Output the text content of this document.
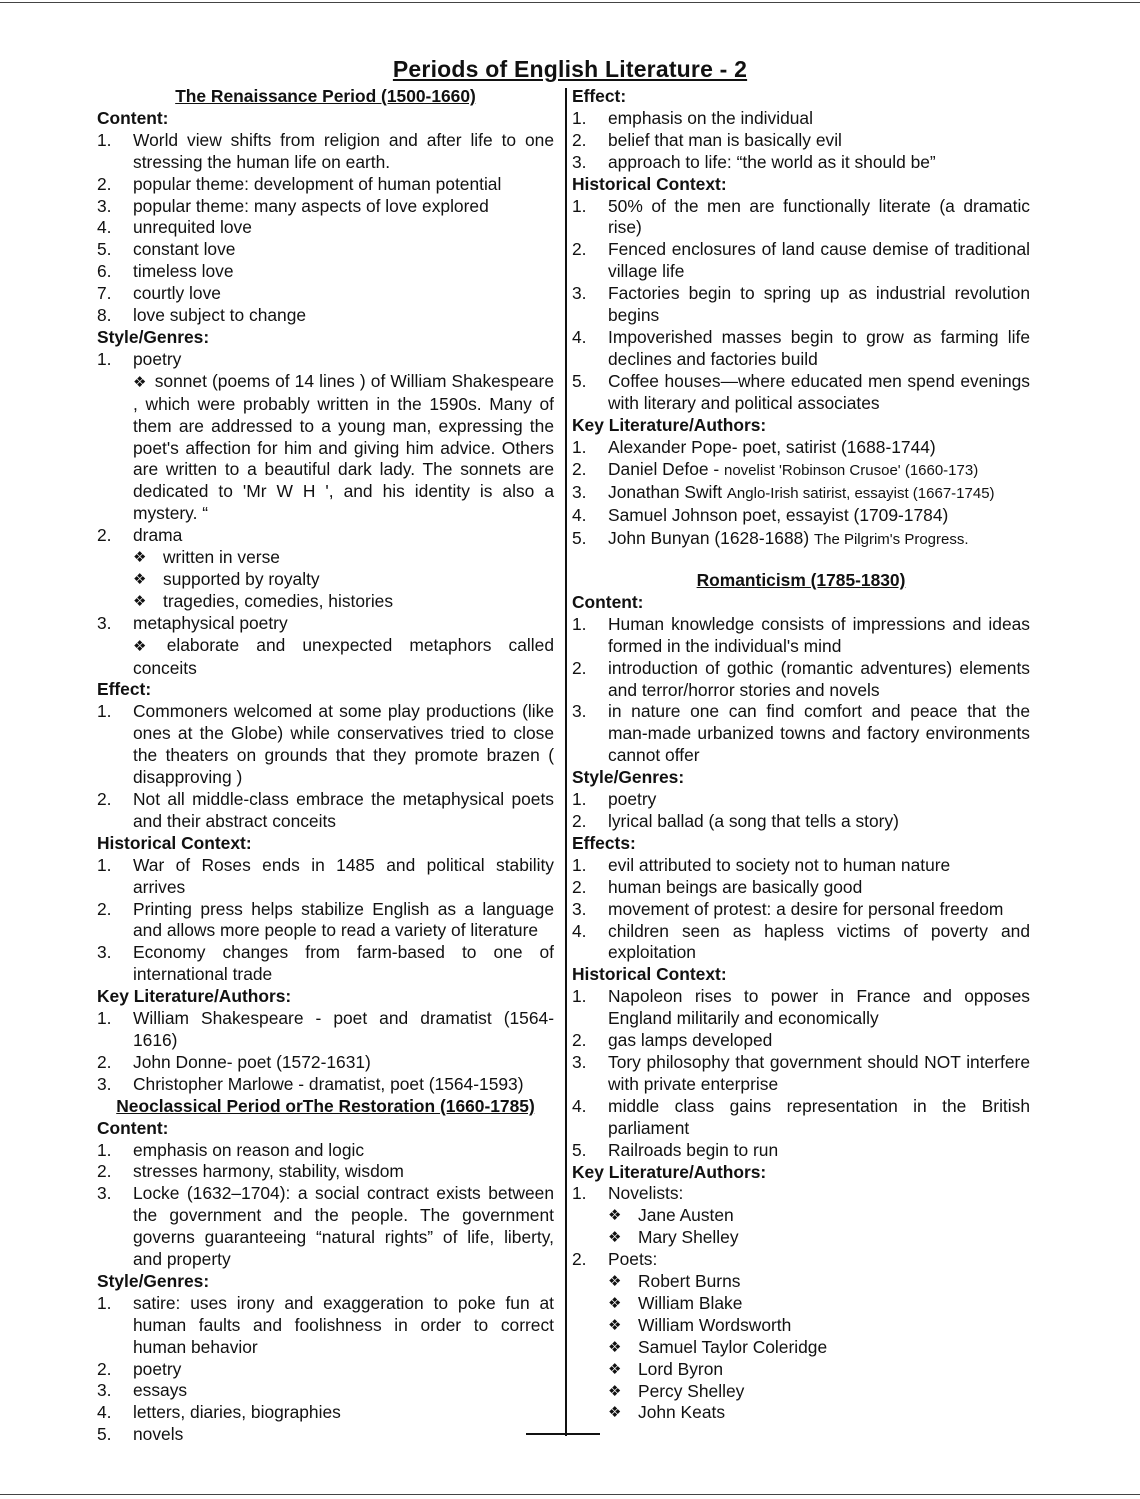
Periods of English Literature - 2
The Renaissance Period (1500-1660)
Content:
1. World view shifts from religion and after life to one stressing the human life on earth.
2. popular theme: development of human potential
3. popular theme: many aspects of love explored
4. unrequited love
5. constant love
6. timeless love
7. courtly love
8. love subject to change
Style/Genres:
1. poetry
❖ sonnet (poems of 14 lines ) of William Shakespeare , which were probably written in the 1590s. Many of them are addressed to a young man, expressing the poet's affection for him and giving him advice. Others are written to a beautiful dark lady. The sonnets are dedicated to 'Mr W H ', and his identity is also a mystery. “
2. drama
❖ written in verse
❖ supported by royalty
❖ tragedies, comedies, histories
3. metaphysical poetry
❖ elaborate and unexpected metaphors called conceits
Effect:
1. Commoners welcomed at some play productions (like ones at the Globe) while conservatives tried to close the theaters on grounds that they promote brazen ( disapproving )
2. Not all middle-class embrace the metaphysical poets and their abstract conceits
Historical Context:
1. War of Roses ends in 1485 and political stability arrives
2. Printing press helps stabilize English as a language and allows more people to read a variety of literature
3. Economy changes from farm-based to one of international trade
Key Literature/Authors:
1. William Shakespeare - poet and dramatist (1564-1616)
2. John Donne- poet (1572-1631)
3. Christopher Marlowe - dramatist, poet (1564-1593)
Neoclassical Period orThe Restoration (1660-1785)
Content:
1. emphasis on reason and logic
2. stresses harmony, stability, wisdom
3. Locke (1632–1704): a social contract exists between the government and the people. The government governs guaranteeing “natural rights” of life, liberty, and property
Style/Genres:
1. satire: uses irony and exaggeration to poke fun at human faults and foolishness in order to correct human behavior
2. poetry
3. essays
4. letters, diaries, biographies
5. novels
Effect:
1. emphasis on the individual
2. belief that man is basically evil
3. approach to life: “the world as it should be”
Historical Context:
1. 50% of the men are functionally literate (a dramatic rise)
2. Fenced enclosures of land cause demise of traditional village life
3. Factories begin to spring up as industrial revolution begins
4. Impoverished masses begin to grow as farming life declines and factories build
5. Coffee houses—where educated men spend evenings with literary and political associates
Key Literature/Authors:
1. Alexander Pope- poet, satirist (1688-1744)
2. Daniel Defoe - novelist 'Robinson Crusoe' (1660-173)
3. Jonathan Swift Anglo-Irish satirist, essayist (1667-1745)
4. Samuel Johnson poet, essayist (1709-1784)
5. John Bunyan (1628-1688) The Pilgrim's Progress.
Romanticism (1785-1830)
Content:
1. Human knowledge consists of impressions and ideas formed in the individual's mind
2. introduction of gothic (romantic adventures) elements and terror/horror stories and novels
3. in nature one can find comfort and peace that the man-made urbanized towns and factory environments cannot offer
Style/Genres:
1. poetry
2. lyrical ballad (a song that tells a story)
Effects:
1. evil attributed to society not to human nature
2. human beings are basically good
3. movement of protest: a desire for personal freedom
4. children seen as hapless victims of poverty and exploitation
Historical Context:
1. Napoleon rises to power in France and opposes England militarily and economically
2. gas lamps developed
3. Tory philosophy that government should NOT interfere with private enterprise
4. middle class gains representation in the British parliament
5. Railroads begin to run
Key Literature/Authors:
1. Novelists:
❖ Jane Austen
❖ Mary Shelley
2. Poets:
❖ Robert Burns
❖ William Blake
❖ William Wordsworth
❖ Samuel Taylor Coleridge
❖ Lord Byron
❖ Percy Shelley
❖ John Keats
